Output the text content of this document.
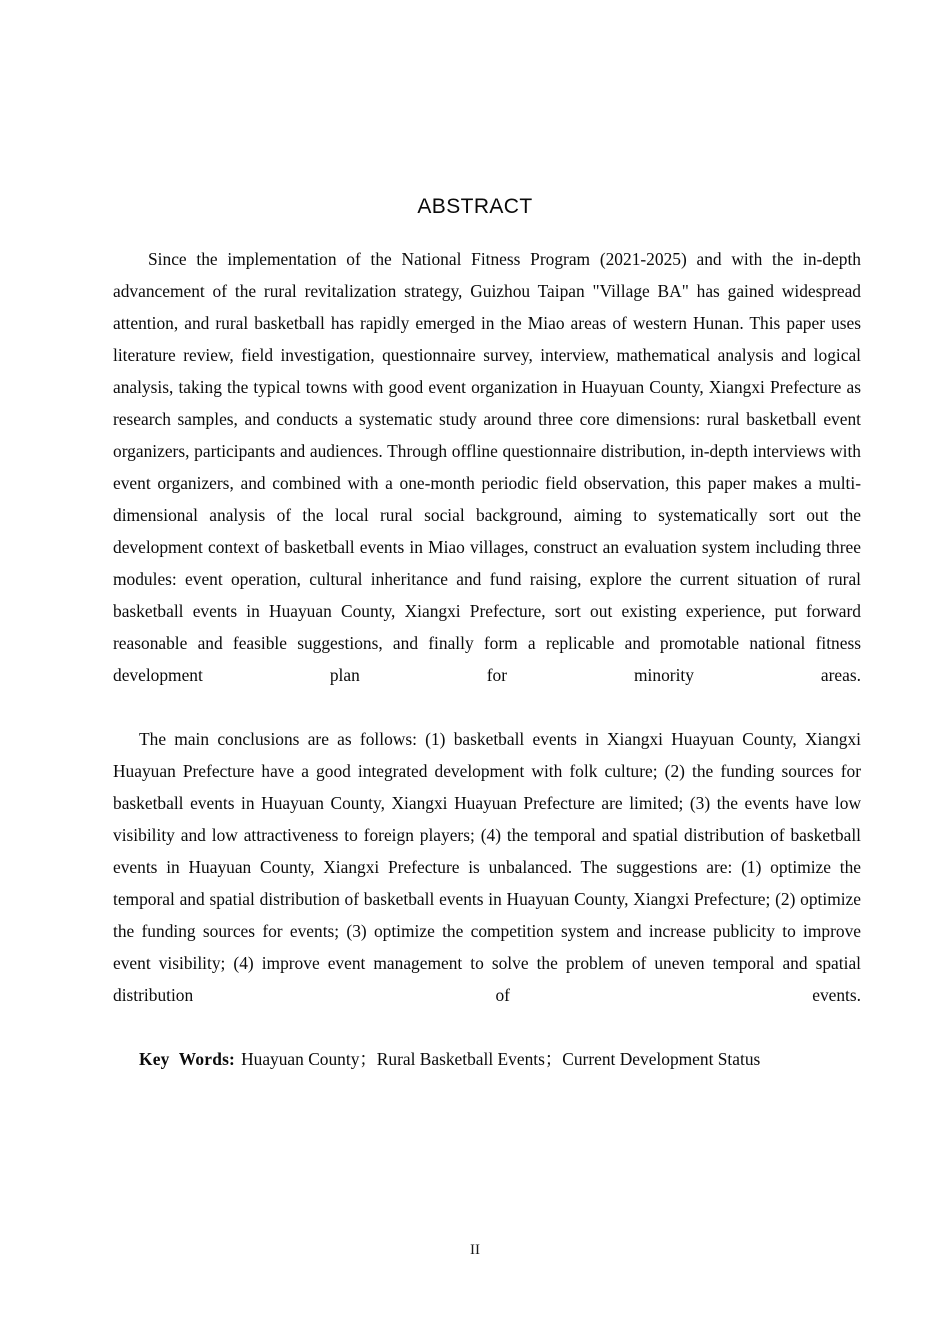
ABSTRACT

Since the implementation of the National Fitness Program (2021-2025) and with the in-depth advancement of the rural revitalization strategy, Guizhou Taipan "Village BA" has gained widespread attention, and rural basketball has rapidly emerged in the Miao areas of western Hunan. This paper uses literature review, field investigation, questionnaire survey, interview, mathematical analysis and logical analysis, taking the typical towns with good event organization in Huayuan County, Xiangxi Prefecture as research samples, and conducts a systematic study around three core dimensions: rural basketball event organizers, participants and audiences. Through offline questionnaire distribution, in-depth interviews with event organizers, and combined with a one-month periodic field observation, this paper makes a multi-dimensional analysis of the local rural social background, aiming to systematically sort out the development context of basketball events in Miao villages, construct an evaluation system including three modules: event operation, cultural inheritance and fund raising, explore the current situation of rural basketball events in Huayuan County, Xiangxi Prefecture, sort out existing experience, put forward reasonable and feasible suggestions, and finally form a replicable and promotable national fitness development plan for minority areas.

The main conclusions are as follows: (1) basketball events in Xiangxi Huayuan County, Xiangxi Huayuan Prefecture have a good integrated development with folk culture; (2) the funding sources for basketball events in Huayuan County, Xiangxi Huayuan Prefecture are limited; (3) the events have low visibility and low attractiveness to foreign players; (4) the temporal and spatial distribution of basketball events in Huayuan County, Xiangxi Prefecture is unbalanced. The suggestions are: (1) optimize the temporal and spatial distribution of basketball events in Huayuan County, Xiangxi Prefecture; (2) optimize the funding sources for events; (3) optimize the competition system and increase publicity to improve event visibility; (4) improve event management to solve the problem of uneven temporal and spatial distribution of events.

Key Words: Huayuan County；Rural Basketball Events；Current Development Status

II
